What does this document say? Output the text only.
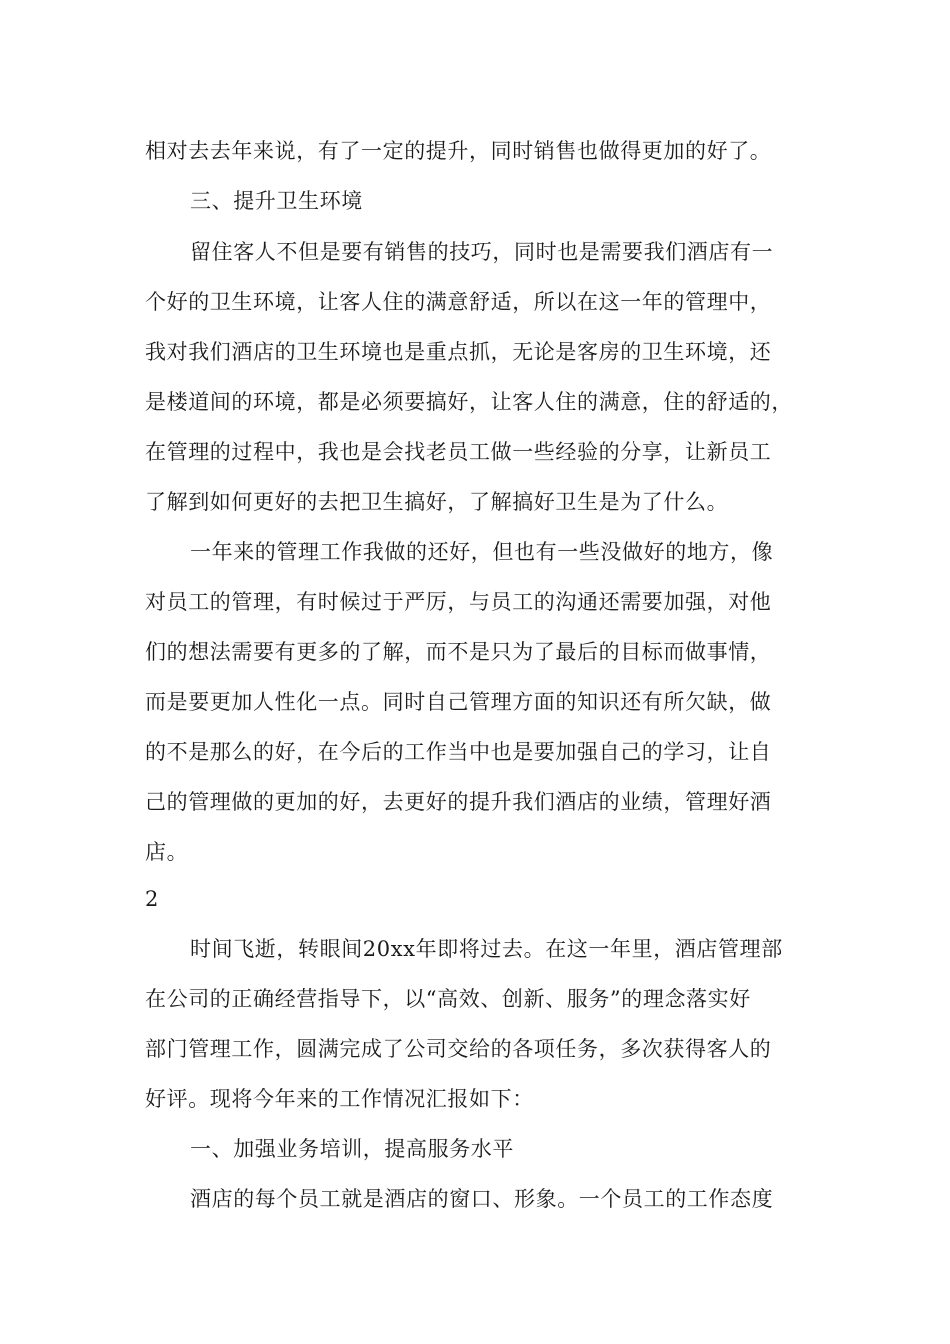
相对去去年来说，有了一定的提升，同时销售也做得更加的好了。
三、提升卫生环境
留住客人不但是要有销售的技巧，同时也是需要我们酒店有一
个好的卫生环境，让客人住的满意舒适，所以在这一年的管理中，
我对我们酒店的卫生环境也是重点抓，无论是客房的卫生环境，还
是楼道间的环境，都是必须要搞好，让客人住的满意，住的舒适的，
在管理的过程中，我也是会找老员工做一些经验的分享，让新员工
了解到如何更好的去把卫生搞好，了解搞好卫生是为了什么。
一年来的管理工作我做的还好，但也有一些没做好的地方，像
对员工的管理，有时候过于严厉，与员工的沟通还需要加强，对他
们的想法需要有更多的了解，而不是只为了最后的目标而做事情，
而是要更加人性化一点。同时自己管理方面的知识还有所欠缺，做
的不是那么的好，在今后的工作当中也是要加强自己的学习，让自
己的管理做的更加的好，去更好的提升我们酒店的业绩，管理好酒
店。
2
时间飞逝，转眼间20xx年即将过去。在这一年里，酒店管理部
在公司的正确经营指导下，以“高效、创新、服务”的理念落实好
部门管理工作，圆满完成了公司交给的各项任务，多次获得客人的
好评。现将今年来的工作情况汇报如下：
一、加强业务培训，提高服务水平
酒店的每个员工就是酒店的窗口、形象。一个员工的工作态度
